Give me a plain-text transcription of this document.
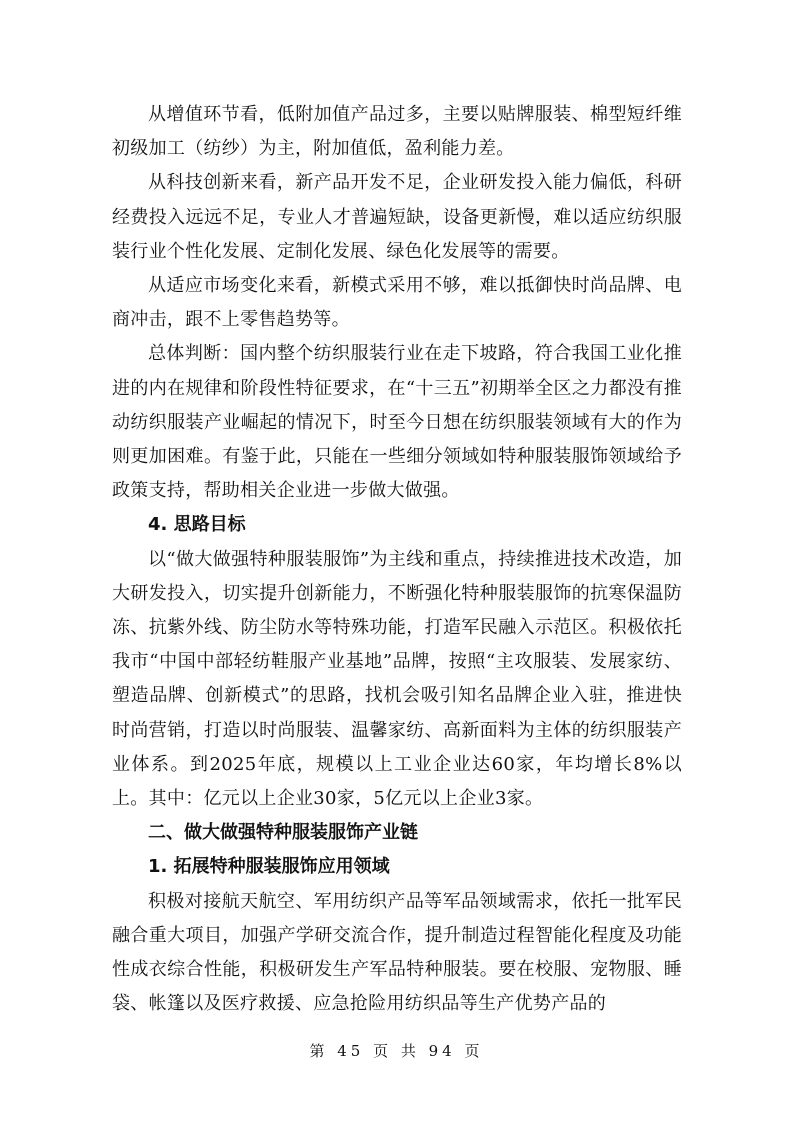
从增值环节看，低附加值产品过多，主要以贴牌服装、棉型短纤维初级加工（纺纱）为主，附加值低，盈利能力差。

从科技创新来看，新产品开发不足，企业研发投入能力偏低，科研经费投入远远不足，专业人才普遍短缺，设备更新慢，难以适应纺织服装行业个性化发展、定制化发展、绿色化发展等的需要。

从适应市场变化来看，新模式采用不够，难以抵御快时尚品牌、电商冲击，跟不上零售趋势等。

总体判断：国内整个纺织服装行业在走下坡路，符合我国工业化推进的内在规律和阶段性特征要求，在“十三五”初期举全区之力都没有推动纺织服装产业崛起的情况下，时至今日想在纺织服装领域有大的作为则更加困难。有鉴于此，只能在一些细分领域如特种服装服饰领域给予政策支持，帮助相关企业进一步做大做强。

4. 思路目标

以“做大做强特种服装服饰”为主线和重点，持续推进技术改造，加大研发投入，切实提升创新能力，不断强化特种服装服饰的抗寒保温防冻、抗紫外线、防尘防水等特殊功能，打造军民融入示范区。积极依托我市“中国中部轻纺鞋服产业基地”品牌，按照“主攻服装、发展家纺、塑造品牌、创新模式”的思路，找机会吸引知名品牌企业入驻，推进快时尚营销，打造以时尚服装、温馨家纺、高新面料为主体的纺织服装产业体系。到2025年底，规模以上工业企业达60家，年均增长8%以上。其中：亿元以上企业30家，5亿元以上企业3家。

二、做大做强特种服装服饰产业链

1. 拓展特种服装服饰应用领域

积极对接航天航空、军用纺织产品等军品领域需求，依托一批军民融合重大项目，加强产学研交流合作，提升制造过程智能化程度及功能性成衣综合性能，积极研发生产军品特种服装。要在校服、宠物服、睡袋、帐篷以及医疗救援、应急抢险用纺织品等生产优势产品的

第 45 页 共 94 页
